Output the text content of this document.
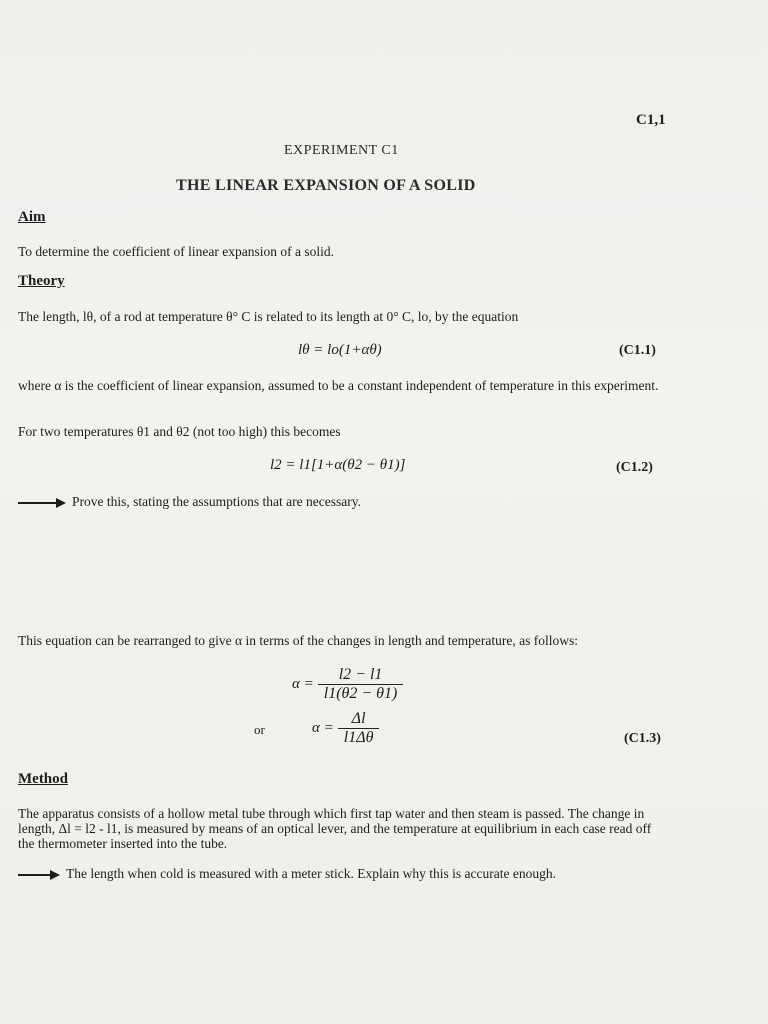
C1,1
EXPERIMENT C1
THE LINEAR EXPANSION OF A SOLID
Aim
To determine the coefficient of linear expansion of a solid.
Theory
The length, lθ, of a rod at temperature θ° C is related to its length at 0° C, lo, by the equation
lθ = lo(1+αθ)	(C1.1)
where α is the coefficient of linear expansion, assumed to be a constant independent of temperature in this experiment.
For two temperatures θ1 and θ2 (not too high) this becomes
l2 = l1[1+α(θ2 − θ1)]	(C1.2)
Prove this, stating the assumptions that are necessary.
This equation can be rearranged to give α in terms of the changes in length and temperature, as follows:
$\alpha = \frac{l2 - l1}{l1(\theta 2 - \theta 1)}$
or	$\alpha = \frac{\Delta l}{l1\Delta\theta}$	(C1.3)
Method
The apparatus consists of a hollow metal tube through which first tap water and then steam is passed. The change in length, Δl = l2 - l1, is measured by means of an optical lever, and the temperature at equilibrium in each case read off the thermometer inserted into the tube.
The length when cold is measured with a meter stick. Explain why this is accurate enough.
